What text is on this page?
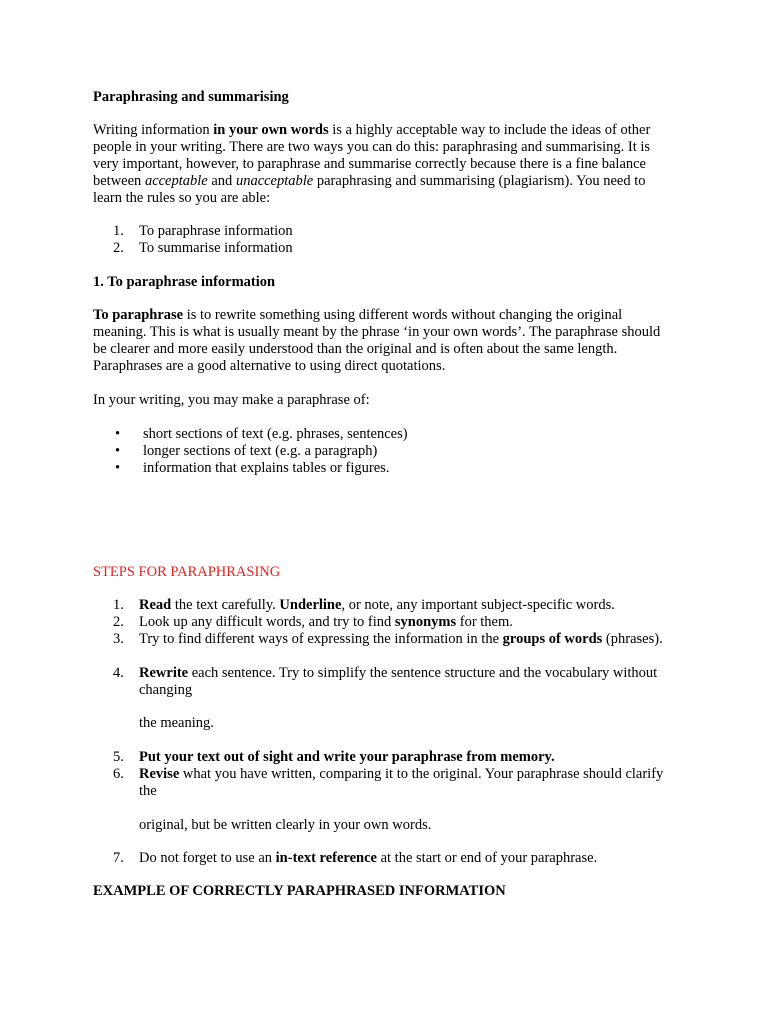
Paraphrasing and summarising

Writing information in your own words is a highly acceptable way to include the ideas of other people in your writing. There are two ways you can do this: paraphrasing and summarising. It is very important, however, to paraphrase and summarise correctly because there is a fine balance between acceptable and unacceptable paraphrasing and summarising (plagiarism). You need to learn the rules so you are able:

1.	To paraphrase information
2.	To summarise information

1. To paraphrase information

To paraphrase is to rewrite something using different words without changing the original meaning. This is what is usually meant by the phrase ‘in your own words’. The paraphrase should be clearer and more easily understood than the original and is often about the same length. Paraphrases are a good alternative to using direct quotations.

In your writing, you may make a paraphrase of:

• short sections of text (e.g. phrases, sentences)
• longer sections of text (e.g. a paragraph)
• information that explains tables or figures.

STEPS FOR PARAPHRASING

1.	Read the text carefully. Underline, or note, any important subject-specific words.
2.	Look up any difficult words, and try to find synonyms for them.
3.	Try to find different ways of expressing the information in the groups of words (phrases).
4.	Rewrite each sentence. Try to simplify the sentence structure and the vocabulary without changing
the meaning.
5.	Put your text out of sight and write your paraphrase from memory.
6.	Revise what you have written, comparing it to the original. Your paraphrase should clarify the
original, but be written clearly in your own words.
7.	Do not forget to use an in-text reference at the start or end of your paraphrase.

EXAMPLE OF CORRECTLY PARAPHRASED INFORMATION
